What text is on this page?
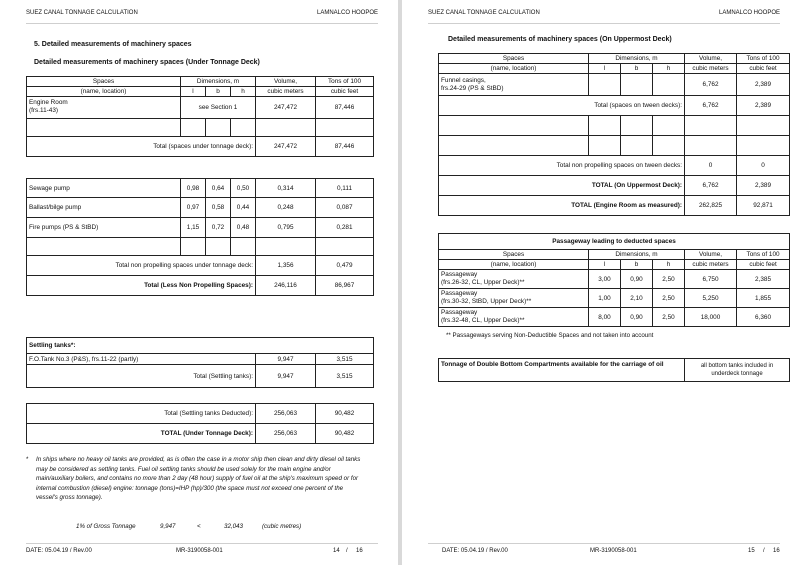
SUEZ CANAL TONNAGE CALCULATION	LAMNALCO HOOPOE
5. Detailed measurements of machinery spaces
Detailed measurements of machinery spaces (Under Tonnage Deck)
Spaces	Dimensions, m			Volume,	Tons of 100
(name, location)	l	b	h	cubic meters	cubic feet
Engine Room
(frs.11-43)	see Section 1			247,472	87,446

Total (spaces under tonnage deck):				247,472	87,446
Sewage pump	0,98	0,64	0,50	0,314	0,111
Ballast/bilge pump	0,97	0,58	0,44	0,248	0,087
Fire pumps (PS & StBD)	1,15	0,72	0,48	0,795	0,281

Total non propelling spaces under tonnage deck:				1,356	0,479
Total (Less Non Propelling Spaces):				246,116	86,967
Settling tanks*:		
F.O.Tank No.3 (P&S), frs.11-22 (partly)	9,947	3,515
Total (Settling tanks):	9,947	3,515
Total (Settling tanks Deducted):	256,063	90,482
TOTAL (Under Tonnage Deck):	256,063	90,482
*	In ships where no heavy oil tanks are provided, as is often the case in a motor ship then clean and dirty diesel oil tanks may be considered as settling tanks. Fuel oil settling tanks should be used solely for the main engine and/or main/auxiliary boilers, and contains no more than 2 day (48 hour) supply of fuel oil at the ship's maximum speed or for internal combustion (diesel) engine: tonnage (tons)=IHP (hp)/300 (the space must not exceed one percent of the vessel's gross tonnage).
1% of Gross Tonnage	9,947	<	32,043	(cubic metres)
DATE: 05.04.19 / Rev.00	MR-3190058-001	14 / 16
SUEZ CANAL TONNAGE CALCULATION	LAMNALCO HOOPOE
Detailed measurements of machinery spaces (On Uppermost Deck)
Spaces	Dimensions, m			Volume,	Tons of 100
(name, location)	l	b	h	cubic meters	cubic feet
Funnel casings,
frs.24-29 (PS & StBD)				6,762	2,389
Total (spaces on tween decks):				6,762	2,389

Total non propelling spaces on tween decks:				0	0
TOTAL (On Uppermost Deck):				6,762	2,389
TOTAL (Engine Room as measured):				262,825	92,871
Passageway leading to deducted spaces					
Spaces	Dimensions, m			Volume,	Tons of 100
(name, location)	l	b	h	cubic meters	cubic feet
Passageway
(frs.26-32, CL, Upper Deck)**	3,00	0,90	2,50	6,750	2,385
Passageway
(frs.30-32, StBD, Upper Deck)**	1,00	2,10	2,50	5,250	1,855
Passageway
(frs.32-48, CL, Upper Deck)**	8,00	0,90	2,50	18,000	6,360
** Passageways serving Non-Deductible Spaces and not taken into account
Tonnage of Double Bottom Compartments available for the carriage of oil	all bottom tanks included in underdeck tonnage
DATE: 05.04.19 / Rev.00	MR-3190058-001	15 / 16
